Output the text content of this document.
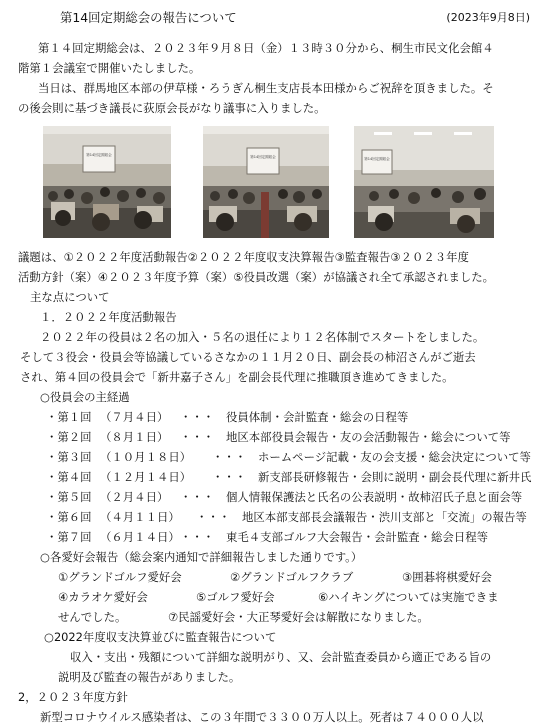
第14回定期総会の報告について	(2023年9月8日)
第１４回定期総会は、２０２３年９月８日（金）１３時３０分から、桐生市民文化会館４
階第１会議室で開催いたしました。
当日は、群馬地区本部の伊草様・ろうぎん桐生支店長本田様からご祝辞を頂きました。そ
の後会則に基づき議長に荻原会長がなり議事に入りました。
第14回定期総会	第14回定期総会	第14回定期総会
議題は、①２０２２年度活動報告②２０２２年度収支決算報告③監査報告③２０２３年度
活動方針（案）④２０２３年度予算（案）⑤役員改選（案）が協議され全て承認されました。
主な点について
１．２０２２年度活動報告
２０２２年の役員は２名の加入・５名の退任により１２名体制でスタートをしました。
そして３役会・役員会等協議しているさなかの１１月２０日、副会長の柿沼さんがご逝去
され、第４回の役員会で「新井嘉子さん」を副会長代理に推職頂き進めてきました。
○役員会の主経過
・第１回 （７月４日） ・・・ 役員体制・会計監査・総会の日程等
・第２回 （８月１日） ・・・ 地区本部役員会報告・友の会活動報告・総会について等
・第３回 （１０月１８日） ・・・ ホームページ記載・友の会支援・総会決定について等
・第４回 （１２月１４日） ・・・ 新支部長研修報告・会則に説明・副会長代理に新井氏
・第５回 （２月４日） ・・・ 個人情報保護法と氏名の公表説明・故柿沼氏子息と面会等
・第６回 （４月１１日） ・・・ 地区本部支部長会議報告・渋川支部と「交流」の報告等
・第７回 （６月１４日） ・・・ 東毛４支部ゴルフ大会報告・会計監査・総会日程等
○各愛好会報告（総会案内通知で詳細報告しました通りです。）
①グランドゴルフ愛好会	②グランドゴルフクラブ	③囲碁将棋愛好会
④カラオケ愛好会	⑤ゴルフ愛好会	⑥ハイキングについては実施できま
せんでした。	⑦民謡愛好会・大正琴愛好会は解散になりました。
○2022年度収支決算並びに監査報告について
収入・支出・残額について詳細な説明がり、又、会計監査委員から適正である旨の
説明及び監査の報告がありました。
2，２０２３年度方針
新型コロナウイルス感染者は、この３年間で３３００万人以上。死者は７４０００人以
